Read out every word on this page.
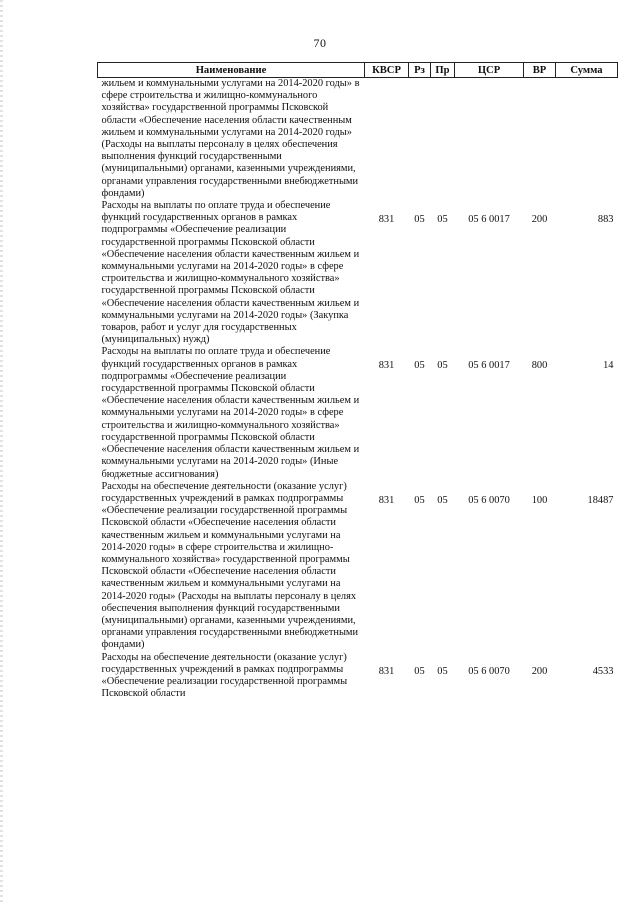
70
Наименование	КВСР	Рз	Пр	ЦСР	ВР	Сумма
жильем и коммунальными услугами на 2014-2020 годы» в сфере строительства и жилищно-коммунального хозяйства» государственной программы Псковской области «Обеспечение населения области качественным жильем и коммунальными услугами на 2014-2020 годы» (Расходы на выплаты персоналу в целях обеспечения выполнения функций государственными (муниципальными) органами, казенными учреждениями, органами управления государственными внебюджетными фондами)						
Расходы на выплаты по оплате труда и обеспечение функций государственных органов в рамках подпрограммы «Обеспечение реализации государственной программы Псковской области «Обеспечение населения области качественным жильем и коммунальными услугами на 2014-2020 годы» в сфере строительства и жилищно-коммунального хозяйства» государственной программы Псковской области «Обеспечение населения области качественным жильем и коммунальными услугами на 2014-2020 годы» (Закупка товаров, работ и услуг для государственных (муниципальных) нужд)	831	05	05	05 6 0017	200	883
Расходы на выплаты по оплате труда и обеспечение функций государственных органов в рамках подпрограммы «Обеспечение реализации государственной программы Псковской области «Обеспечение населения области качественным жильем и коммунальными услугами на 2014-2020 годы» в сфере строительства и жилищно-коммунального хозяйства» государственной программы Псковской области «Обеспечение населения области качественным жильем и коммунальными услугами на 2014-2020 годы» (Иные бюджетные ассигнования)	831	05	05	05 6 0017	800	14
Расходы на обеспечение деятельности (оказание услуг) государственных учреждений в рамках подпрограммы «Обеспечение реализации государственной программы Псковской области «Обеспечение населения области качественным жильем и коммунальными услугами на 2014-2020 годы» в сфере строительства и жилищно-коммунального хозяйства» государственной программы Псковской области «Обеспечение населения области качественным жильем и коммунальными услугами на 2014-2020 годы» (Расходы на выплаты персоналу в целях обеспечения выполнения функций государственными (муниципальными) органами, казенными учреждениями, органами управления государственными внебюджетными фондами)	831	05	05	05 6 0070	100	18487
Расходы на обеспечение деятельности (оказание услуг) государственных учреждений в рамках подпрограммы «Обеспечение реализации государственной программы Псковской области	831	05	05	05 6 0070	200	4533
